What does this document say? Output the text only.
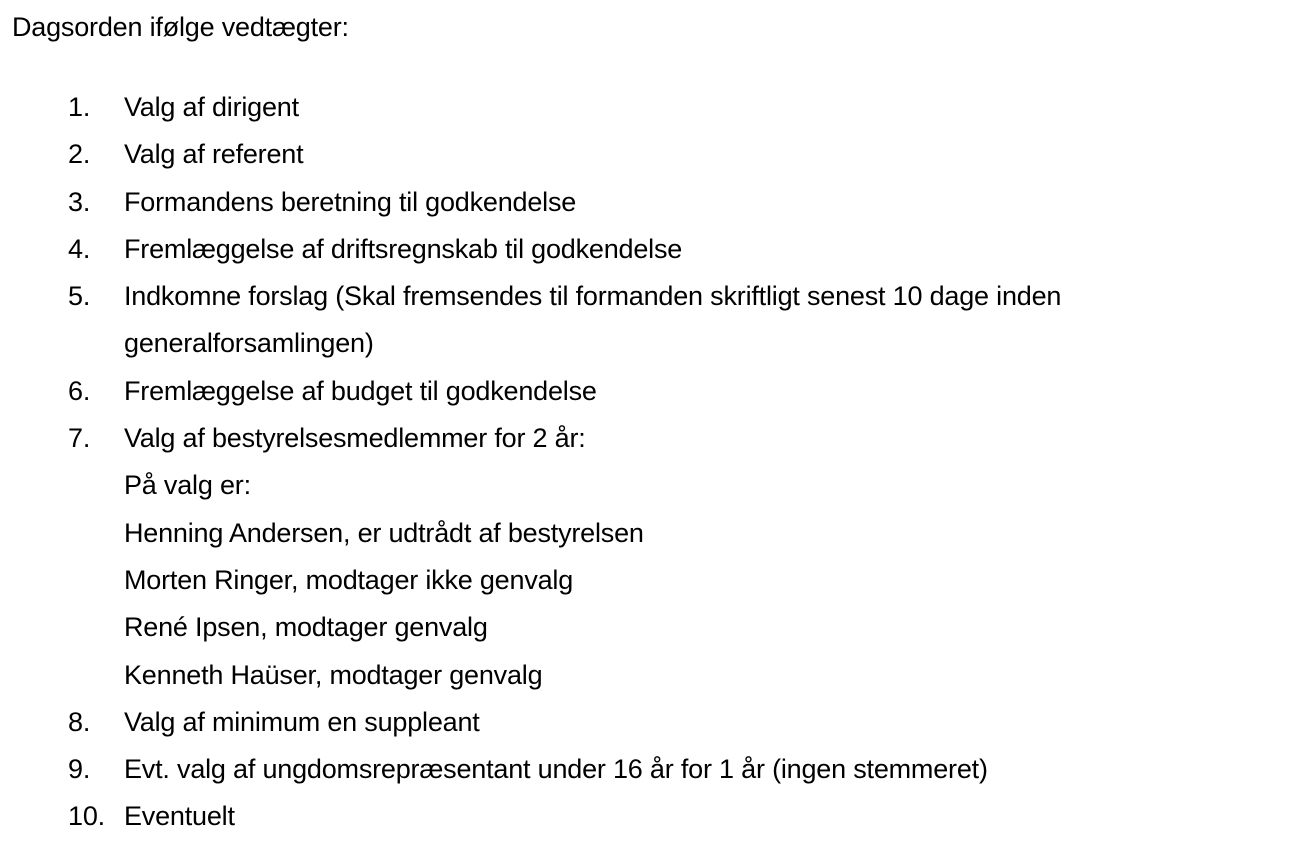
Dagsorden ifølge vedtægter:
1.	Valg af dirigent
2.	Valg af referent
3.	Formandens beretning til godkendelse
4.	Fremlæggelse af driftsregnskab til godkendelse
5.	Indkomne forslag (Skal fremsendes til formanden skriftligt senest 10 dage inden
generalforsamlingen)
6.	Fremlæggelse af budget til godkendelse
7.	Valg af bestyrelsesmedlemmer for 2 år:
På valg er:
Henning Andersen, er udtrådt af bestyrelsen
Morten Ringer, modtager ikke genvalg
René Ipsen, modtager genvalg
Kenneth Haüser, modtager genvalg
8.	Valg af minimum en suppleant
9.	Evt. valg af ungdomsrepræsentant under 16 år for 1 år (ingen stemmeret)
10. Eventuelt
